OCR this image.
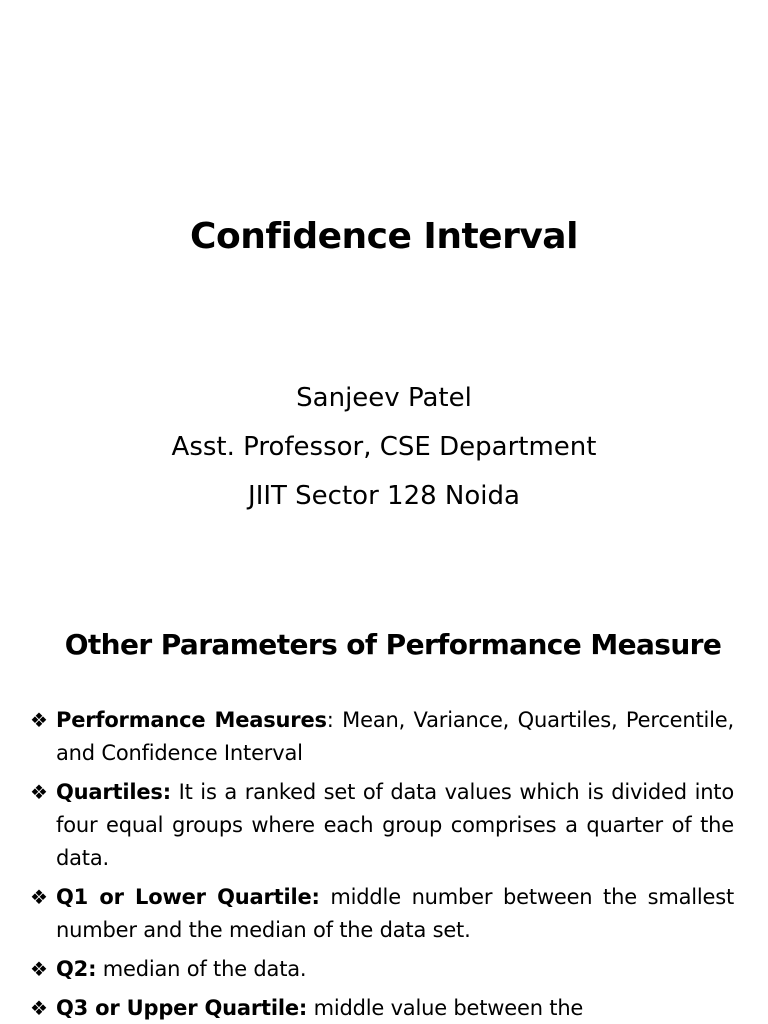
Confidence Interval
Sanjeev Patel
Asst. Professor, CSE Department
JIIT Sector 128 Noida
Other Parameters of Performance Measure
❖ Performance Measures: Mean, Variance, Quartiles, Percentile, and Confidence Interval
❖ Quartiles: It is a ranked set of data values which is divided into four equal groups where each group comprises a quarter of the data.
❖ Q1 or Lower Quartile: middle number between the smallest number and the median of the data set.
❖ Q2: median of the data.
❖ Q3 or Upper Quartile: middle value between the
